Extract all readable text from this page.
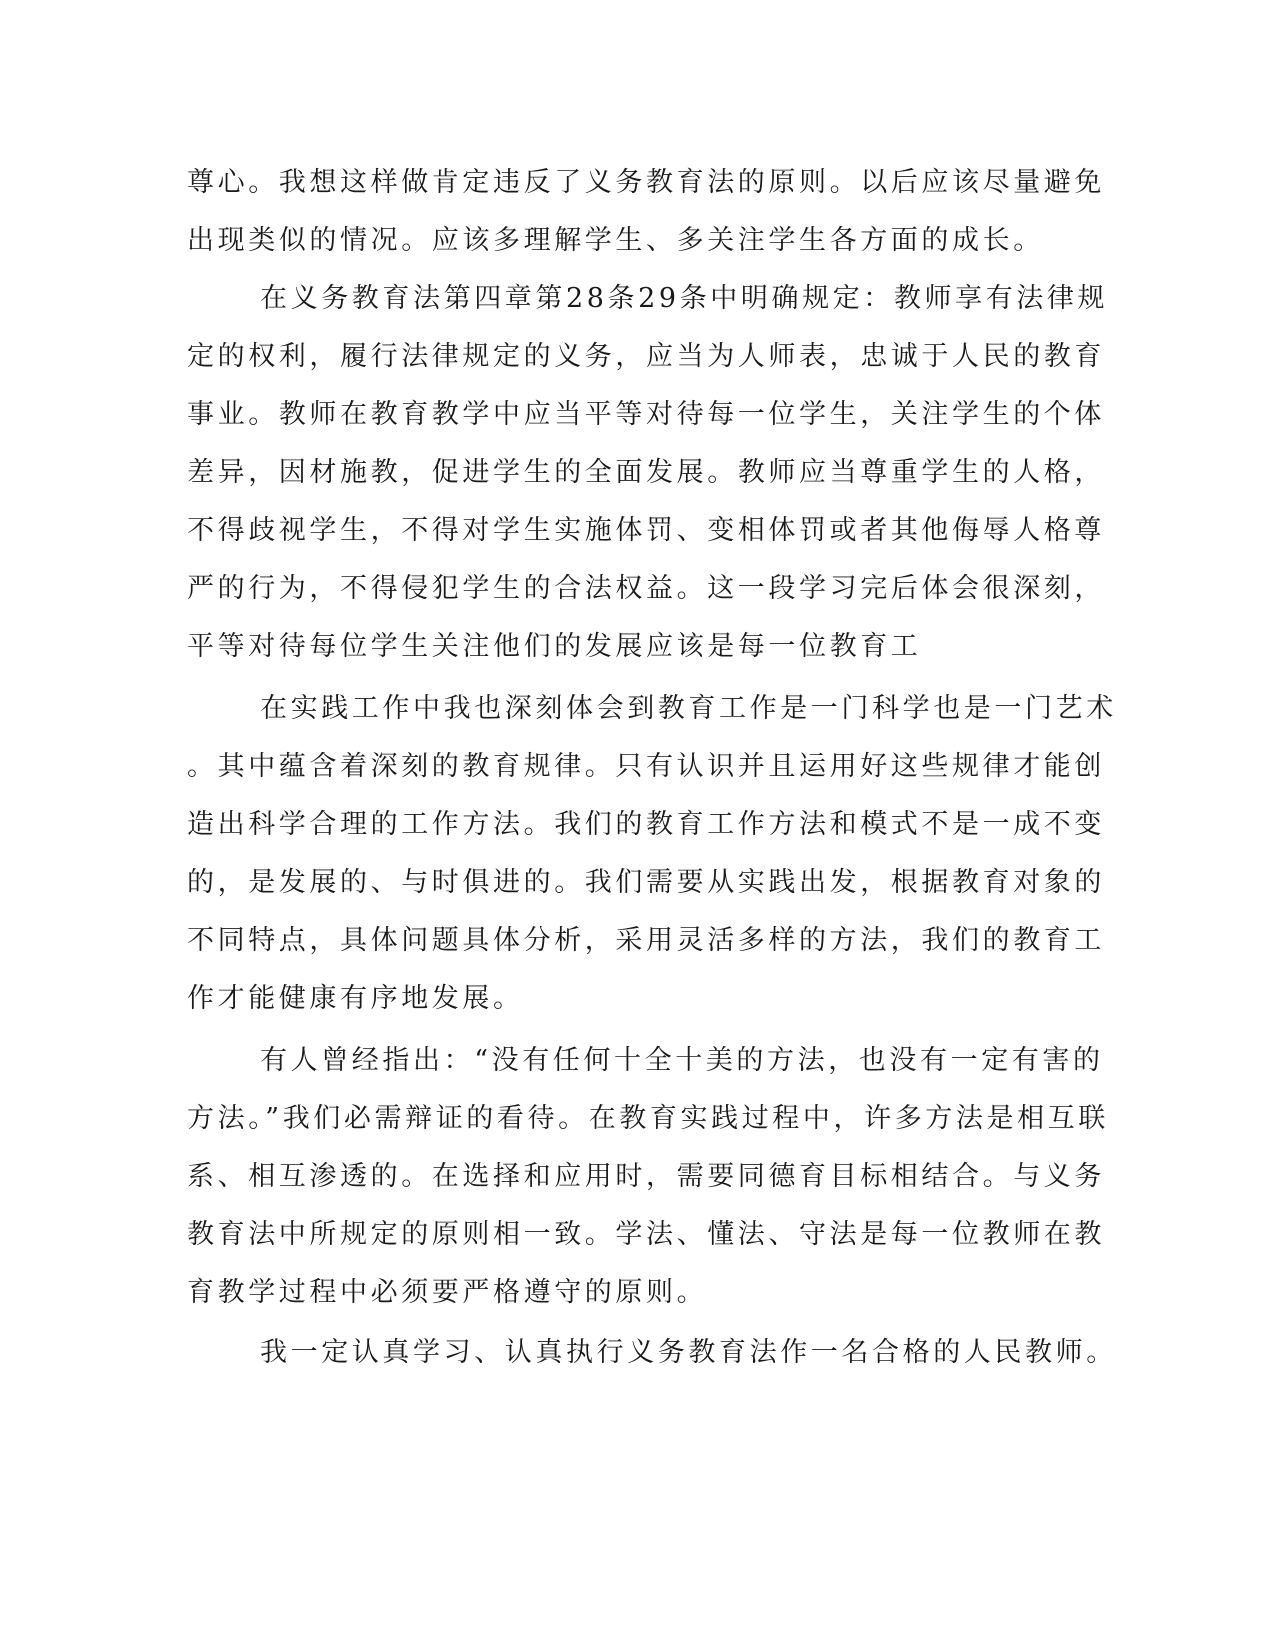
尊心。我想这样做肯定违反了义务教育法的原则。以后应该尽量避免

出现类似的情况。应该多理解学生、多关注学生各方面的成长。

在义务教育法第四章第28条29条中明确规定：教师享有法律规

定的权利，履行法律规定的义务，应当为人师表，忠诚于人民的教育

事业。教师在教育教学中应当平等对待每一位学生，关注学生的个体

差异，因材施教，促进学生的全面发展。教师应当尊重学生的人格，

不得歧视学生，不得对学生实施体罚、变相体罚或者其他侮辱人格尊

严的行为，不得侵犯学生的合法权益。这一段学习完后体会很深刻，

平等对待每位学生关注他们的发展应该是每一位教育工

在实践工作中我也深刻体会到教育工作是一门科学也是一门艺术

。其中蕴含着深刻的教育规律。只有认识并且运用好这些规律才能创

造出科学合理的工作方法。我们的教育工作方法和模式不是一成不变

的，是发展的、与时俱进的。我们需要从实践出发，根据教育对象的

不同特点，具体问题具体分析，采用灵活多样的方法，我们的教育工

作才能健康有序地发展。

有人曾经指出：“没有任何十全十美的方法，也没有一定有害的

方法。”我们必需辩证的看待。在教育实践过程中，许多方法是相互联

系、相互渗透的。在选择和应用时，需要同德育目标相结合。与义务

教育法中所规定的原则相一致。学法、懂法、守法是每一位教师在教

育教学过程中必须要严格遵守的原则。

我一定认真学习、认真执行义务教育法作一名合格的人民教师。
